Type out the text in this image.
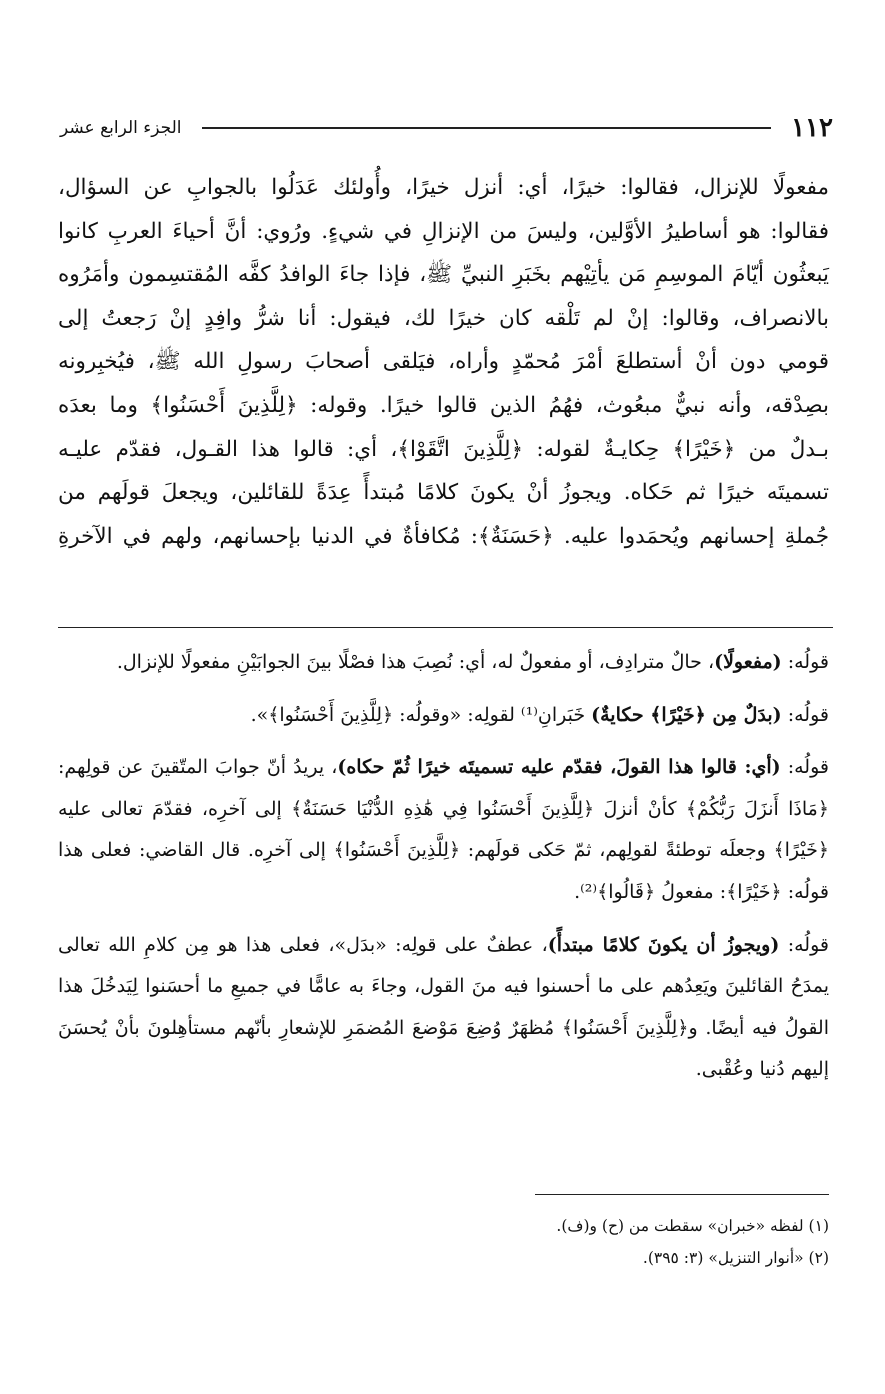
١١٢
الجزء الرابع عشر

مفعولًا للإنزال، فقالوا: خيرًا، أي: أنزل خيرًا، وأُولئك عَدَلُوا بالجوابِ عن السؤال،

فقالوا: هو أساطيرُ الأوَّلين، وليسَ من الإنزالِ في شيءٍ. ورُوي: أنَّ أحياءَ العربِ كانوا

يَبعثُون أيّامَ الموسِمِ مَن يأتِيْهم بخَبَرِ النبيِّ ﷺ، فإذا جاءَ الوافدُ كفَّه المُقتسِمون وأمَرُوه

بالانصراف، وقالوا: إنْ لم تَلْقه كان خيرًا لك، فيقول: أنا شرُّ وافِدٍ إنْ رَجعتُ إلى

قومي دون أنْ أستطلعَ أمْرَ مُحمّدٍ وأراه، فيَلقى أصحابَ رسولِ الله ﷺ، فيُخبِرونه

بصِدْقه، وأنه نبيٌّ مبعُوث، فهُمُ الذين قالوا خيرًا. وقوله: ﴿لِلَّذِينَ أَحْسَنُوا﴾ وما بعدَه

بـدلٌ من ﴿خَيْرًا﴾ حِكايـةٌ لقوله: ﴿لِلَّذِينَ اتَّقَوْا﴾، أي: قالوا هذا القـول، فقدّم عليـه

تسميتَه خيرًا ثم حَكاه. ويجوزُ أنْ يكونَ كلامًا مُبتدأً عِدَةً للقائلين، ويجعلَ قولَهم من

جُملةِ إحسانهم ويُحمَدوا عليه. ﴿حَسَنَةٌ﴾: مُكافأةٌ في الدنيا بإحسانهم، ولهم في الآخرةِ

قولُه: (مفعولًا)، حالٌ مترادِف، أو مفعولٌ له، أي: نُصِبَ هذا فصْلًا بينَ الجوابَيْنِ مفعولًا للإنزال.

قولُه: (بدَلٌ مِن ﴿خَيْرًا﴾ حكايةٌ) خَبَرانِ⁽¹⁾ لقولِه: «وقولُه: ﴿لِلَّذِينَ أَحْسَنُوا﴾».

قولُه: (أي: قالوا هذا القولَ، فقدّم عليه تسميتَه خيرًا ثُمّ حكاه)، يريدُ أنّ جوابَ المتّقينَ عن قولِهم: ﴿مَاذَا أَنزَلَ رَبُّكُمْ﴾ كأنْ أنزلَ ﴿لِلَّذِينَ أَحْسَنُوا فِي هَٰذِهِ الدُّنْيَا حَسَنَةٌ﴾ إلى آخرِه، فقدّمَ تعالى عليه ﴿خَيْرًا﴾ وجعلَه توطئةً لقولِهم، ثمّ حَكى قولَهم: ﴿لِلَّذِينَ أَحْسَنُوا﴾ إلى آخرِه. قال القاضي: فعلى هذا قولُه: ﴿خَيْرًا﴾: مفعولُ ﴿قَالُوا﴾⁽²⁾.

قولُه: (ويجوزُ أن يكونَ كلامًا مبتدأً)، عطفٌ على قولِه: «بدَل»، فعلى هذا هو مِن كلامِ الله تعالى يمدَحُ القائلينَ ويَعِدُهم على ما أحسنوا فيه منَ القول، وجاءَ به عامًّا في جميعِ ما أحسَنوا لِيَدخُلَ هذا القولُ فيه أيضًا. و﴿لِلَّذِينَ أَحْسَنُوا﴾ مُظهَرٌ وُضِعَ مَوْضعَ المُضمَرِ للإشعارِ بأنّهم مستأهِلونَ بأنْ يُحسَنَ إليهم دُنيا وعُقْبى.

(١) لفظه «خبران» سقطت من (ح) و(ف).

(٢) «أنوار التنزيل» (٣: ٣٩٥).
